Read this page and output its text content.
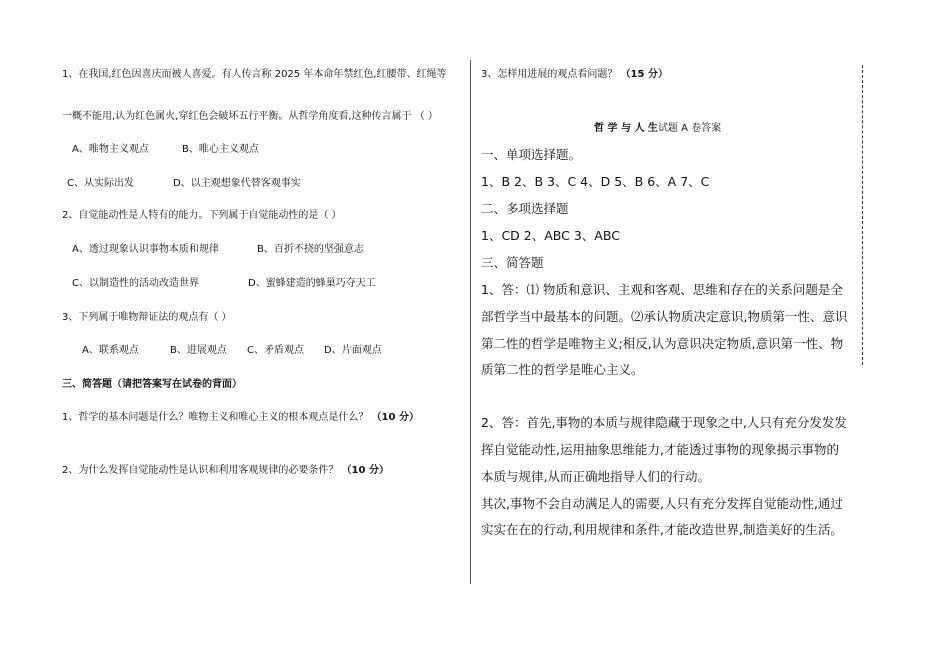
1、在我国,红色因喜庆而被人喜爱。有人传言称 2025 年本命年禁红色,红腰带、红绳等
一概不能用,认为红色属火,穿红色会破坏五行平衡。从哲学角度看,这种传言属于 （ ）
A、唯物主义观点	B、唯心主义观点
C、从实际出发	D、以主观想象代替客观事实
2、自觉能动性是人特有的能力。下列属于自觉能动性的是（ ）
A、透过现象认识事物本质和规律	B、百折不挠的坚强意志
C、以制造性的活动改造世界	D、蜜蜂建造的蜂巢巧夺天工
3、下列属于唯物辩证法的观点有（ ）
A、联系观点	B、进展观点 C、矛盾观点 D、片面观点
三、简答题（请把答案写在试卷的背面）
1、哲学的基本问题是什么？唯物主义和唯心主义的根本观点是什么？ （10 分）
2、为什么发挥自觉能动性是认识和利用客观规律的必要条件？ （10 分）
3、怎样用进展的观点看问题？ （15 分）
哲 学 与 人 生试题 A 卷答案
一、单项选择题。
1、B 2、B 3、C 4、D 5、B 6、A 7、C
二、多项选择题
1、CD 2、ABC 3、ABC
三、简答题
1、答：⑴ 物质和意识、主观和客观、思维和存在的关系问题是全
部哲学当中最基本的问题。⑵承认物质决定意识,物质第一性、意识
第二性的哲学是唯物主义;相反,认为意识决定物质,意识第一性、物
质第二性的哲学是唯心主义。
2、答：首先,事物的本质与规律隐藏于现象之中,人只有充分发发发
挥自觉能动性,运用抽象思维能力,才能透过事物的现象揭示事物的
本质与规律,从而正确地指导人们的行动。
其次,事物不会自动满足人的需要,人只有充分发挥自觉能动性,通过
实实在在的行动,利用规律和条件,才能改造世界,制造美好的生活。
